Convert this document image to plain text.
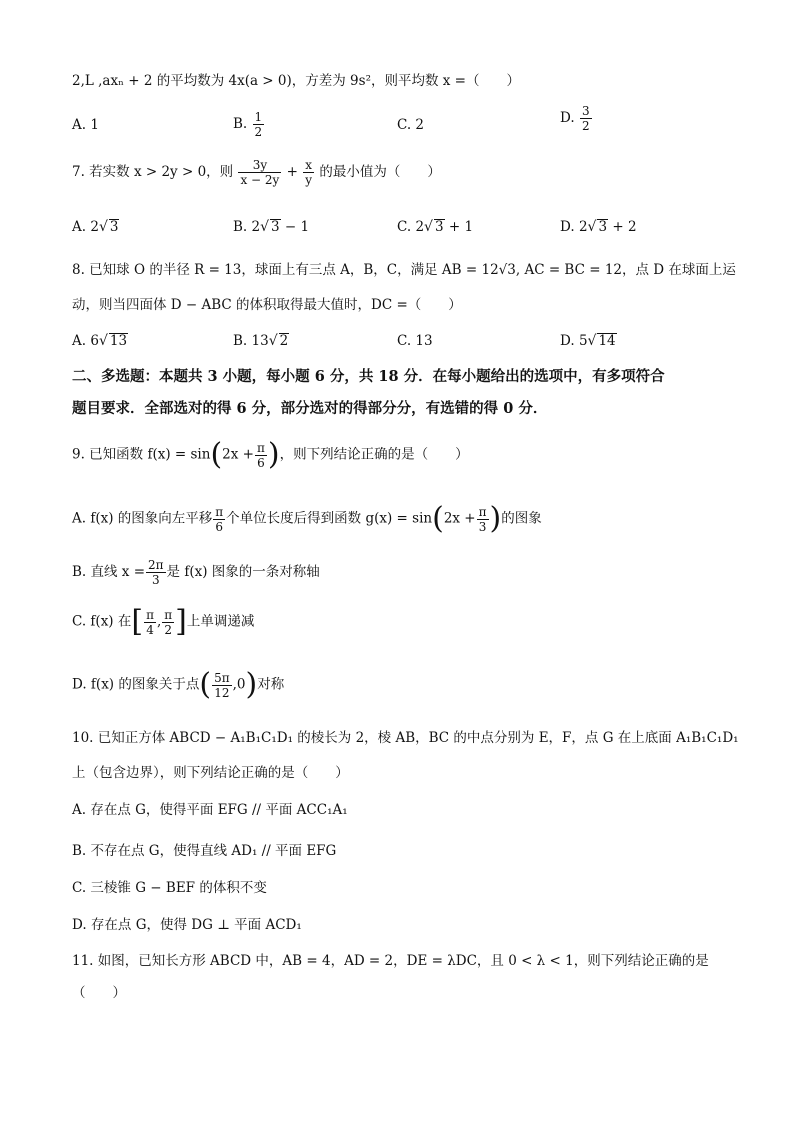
2,L ,axₙ + 2 的平均数为 4x(a > 0)，方差为 9s²，则平均数 x =（　　）
A. 1	B. $\frac{1}{2}$	C. 2	D. $\frac{3}{2}$
7. 若实数 x > 2y > 0，则 $\frac{3y}{x - 2y} + \frac{x}{y}$ 的最小值为（　　）
A. 2√ 3	B. 2√ 3 − 1	C. 2√ 3 + 1	D. 2√ 3 + 2
8. 已知球 O 的半径 R = 13，球面上有三点 A，B，C，满足 AB = 12√3, AC = BC = 12，点 D 在球面上运
动，则当四面体 D − ABC 的体积取得最大值时，DC =（　　）
A. 6√ 13	B. 13√ 2	C. 13	D. 5√ 14
二、多选题：本题共 3 小题，每小题 6 分，共 18 分．在每小题给出的选项中，有多项符合
题目要求．全部选对的得 6 分，部分选对的得部分分，有选错的得 0 分．
9. 已知函数 $f(x) = \sin(2x + \frac{\pi}{6}$ )，则下列结论正确的是（　　）
A. f(x) 的图象向左平移 $\frac{\pi}{6}$ 个单位长度后得到函数 $g(x) = \sin(2x + \frac{\pi}{3}$ )的图象
B. 直线 $x = \frac{2\pi}{3}$ 是 f(x) 图象的一条对称轴
C. f(x) 在[ $\frac{\pi}{4}$ , $\frac{\pi}{2}$ ]上单调递减
D. f(x) 的图象关于点( $\frac{5\pi}{12} ,0$)对称
10. 已知正方体 ABCD − A₁B₁C₁D₁ 的棱长为 2，棱 AB，BC 的中点分别为 E，F，点 G 在上底面 A₁B₁C₁D₁
上（包含边界），则下列结论正确的是（　　）
A. 存在点 G，使得平面 EFG // 平面 ACC₁A₁
B. 不存在点 G，使得直线 AD₁ // 平面 EFG
C. 三棱锥 G − BEF 的体积不变
D. 存在点 G，使得 DG ⊥ 平面 ACD₁
11. 如图，已知长方形 ABCD 中，AB = 4，AD = 2，DE = λDC，且 0 < λ < 1，则下列结论正确的是
（　　）
